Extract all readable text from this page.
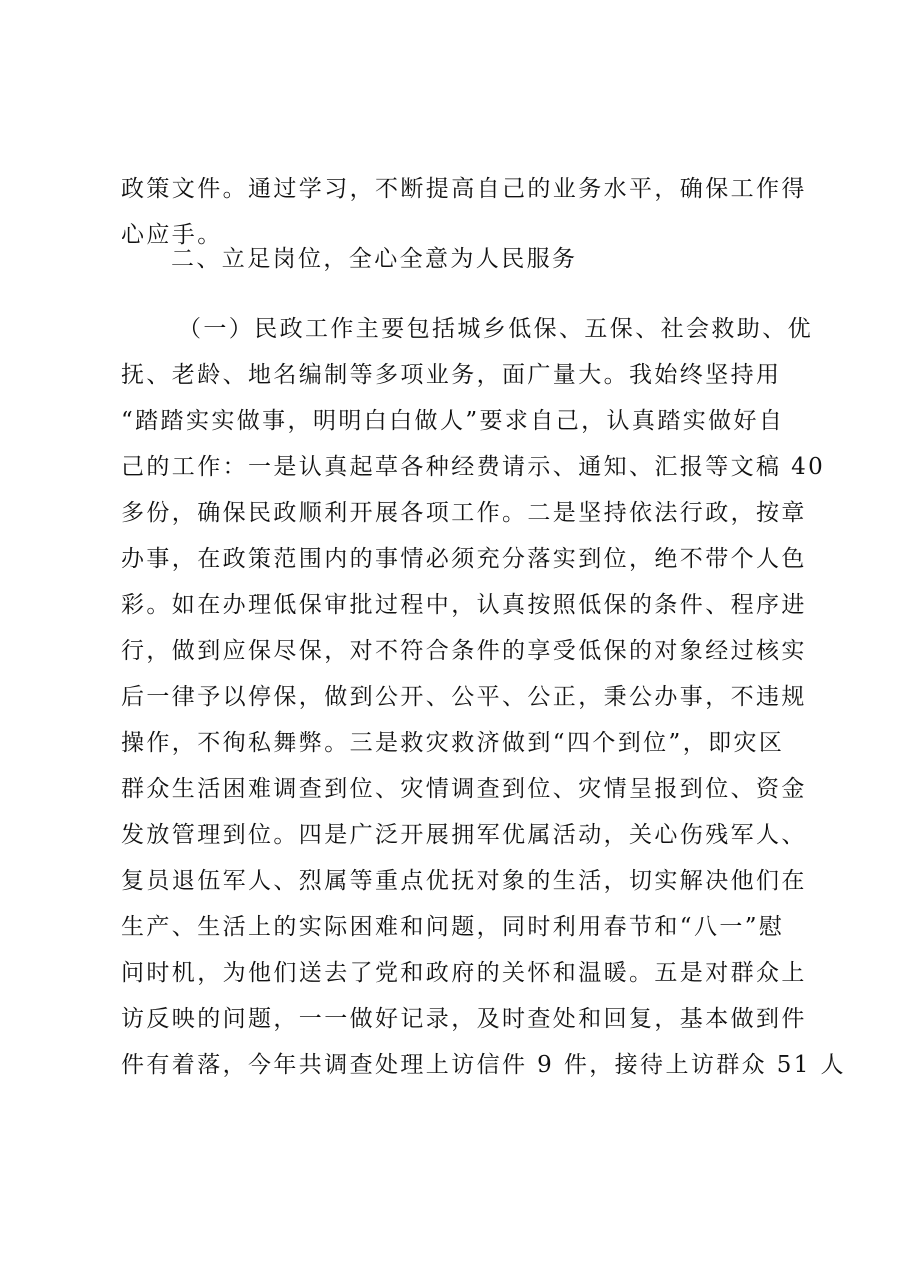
政策文件。通过学习，不断提高自己的业务水平，确保工作得
心应手。
二、立足岗位，全心全意为人民服务
（一）民政工作主要包括城乡低保、五保、社会救助、优
抚、老龄、地名编制等多项业务，面广量大。我始终坚持用
“踏踏实实做事，明明白白做人”要求自己，认真踏实做好自
己的工作：一是认真起草各种经费请示、通知、汇报等文稿 40
多份，确保民政顺利开展各项工作。二是坚持依法行政，按章
办事，在政策范围内的事情必须充分落实到位，绝不带个人色
彩。如在办理低保审批过程中，认真按照低保的条件、程序进
行，做到应保尽保，对不符合条件的享受低保的对象经过核实
后一律予以停保，做到公开、公平、公正，秉公办事，不违规
操作，不徇私舞弊。三是救灾救济做到“四个到位”，即灾区
群众生活困难调查到位、灾情调查到位、灾情呈报到位、资金
发放管理到位。四是广泛开展拥军优属活动，关心伤残军人、
复员退伍军人、烈属等重点优抚对象的生活，切实解决他们在
生产、生活上的实际困难和问题，同时利用春节和“八一”慰
问时机，为他们送去了党和政府的关怀和温暖。五是对群众上
访反映的问题，一一做好记录，及时查处和回复，基本做到件
件有着落，今年共调查处理上访信件 9 件，接待上访群众 51 人
